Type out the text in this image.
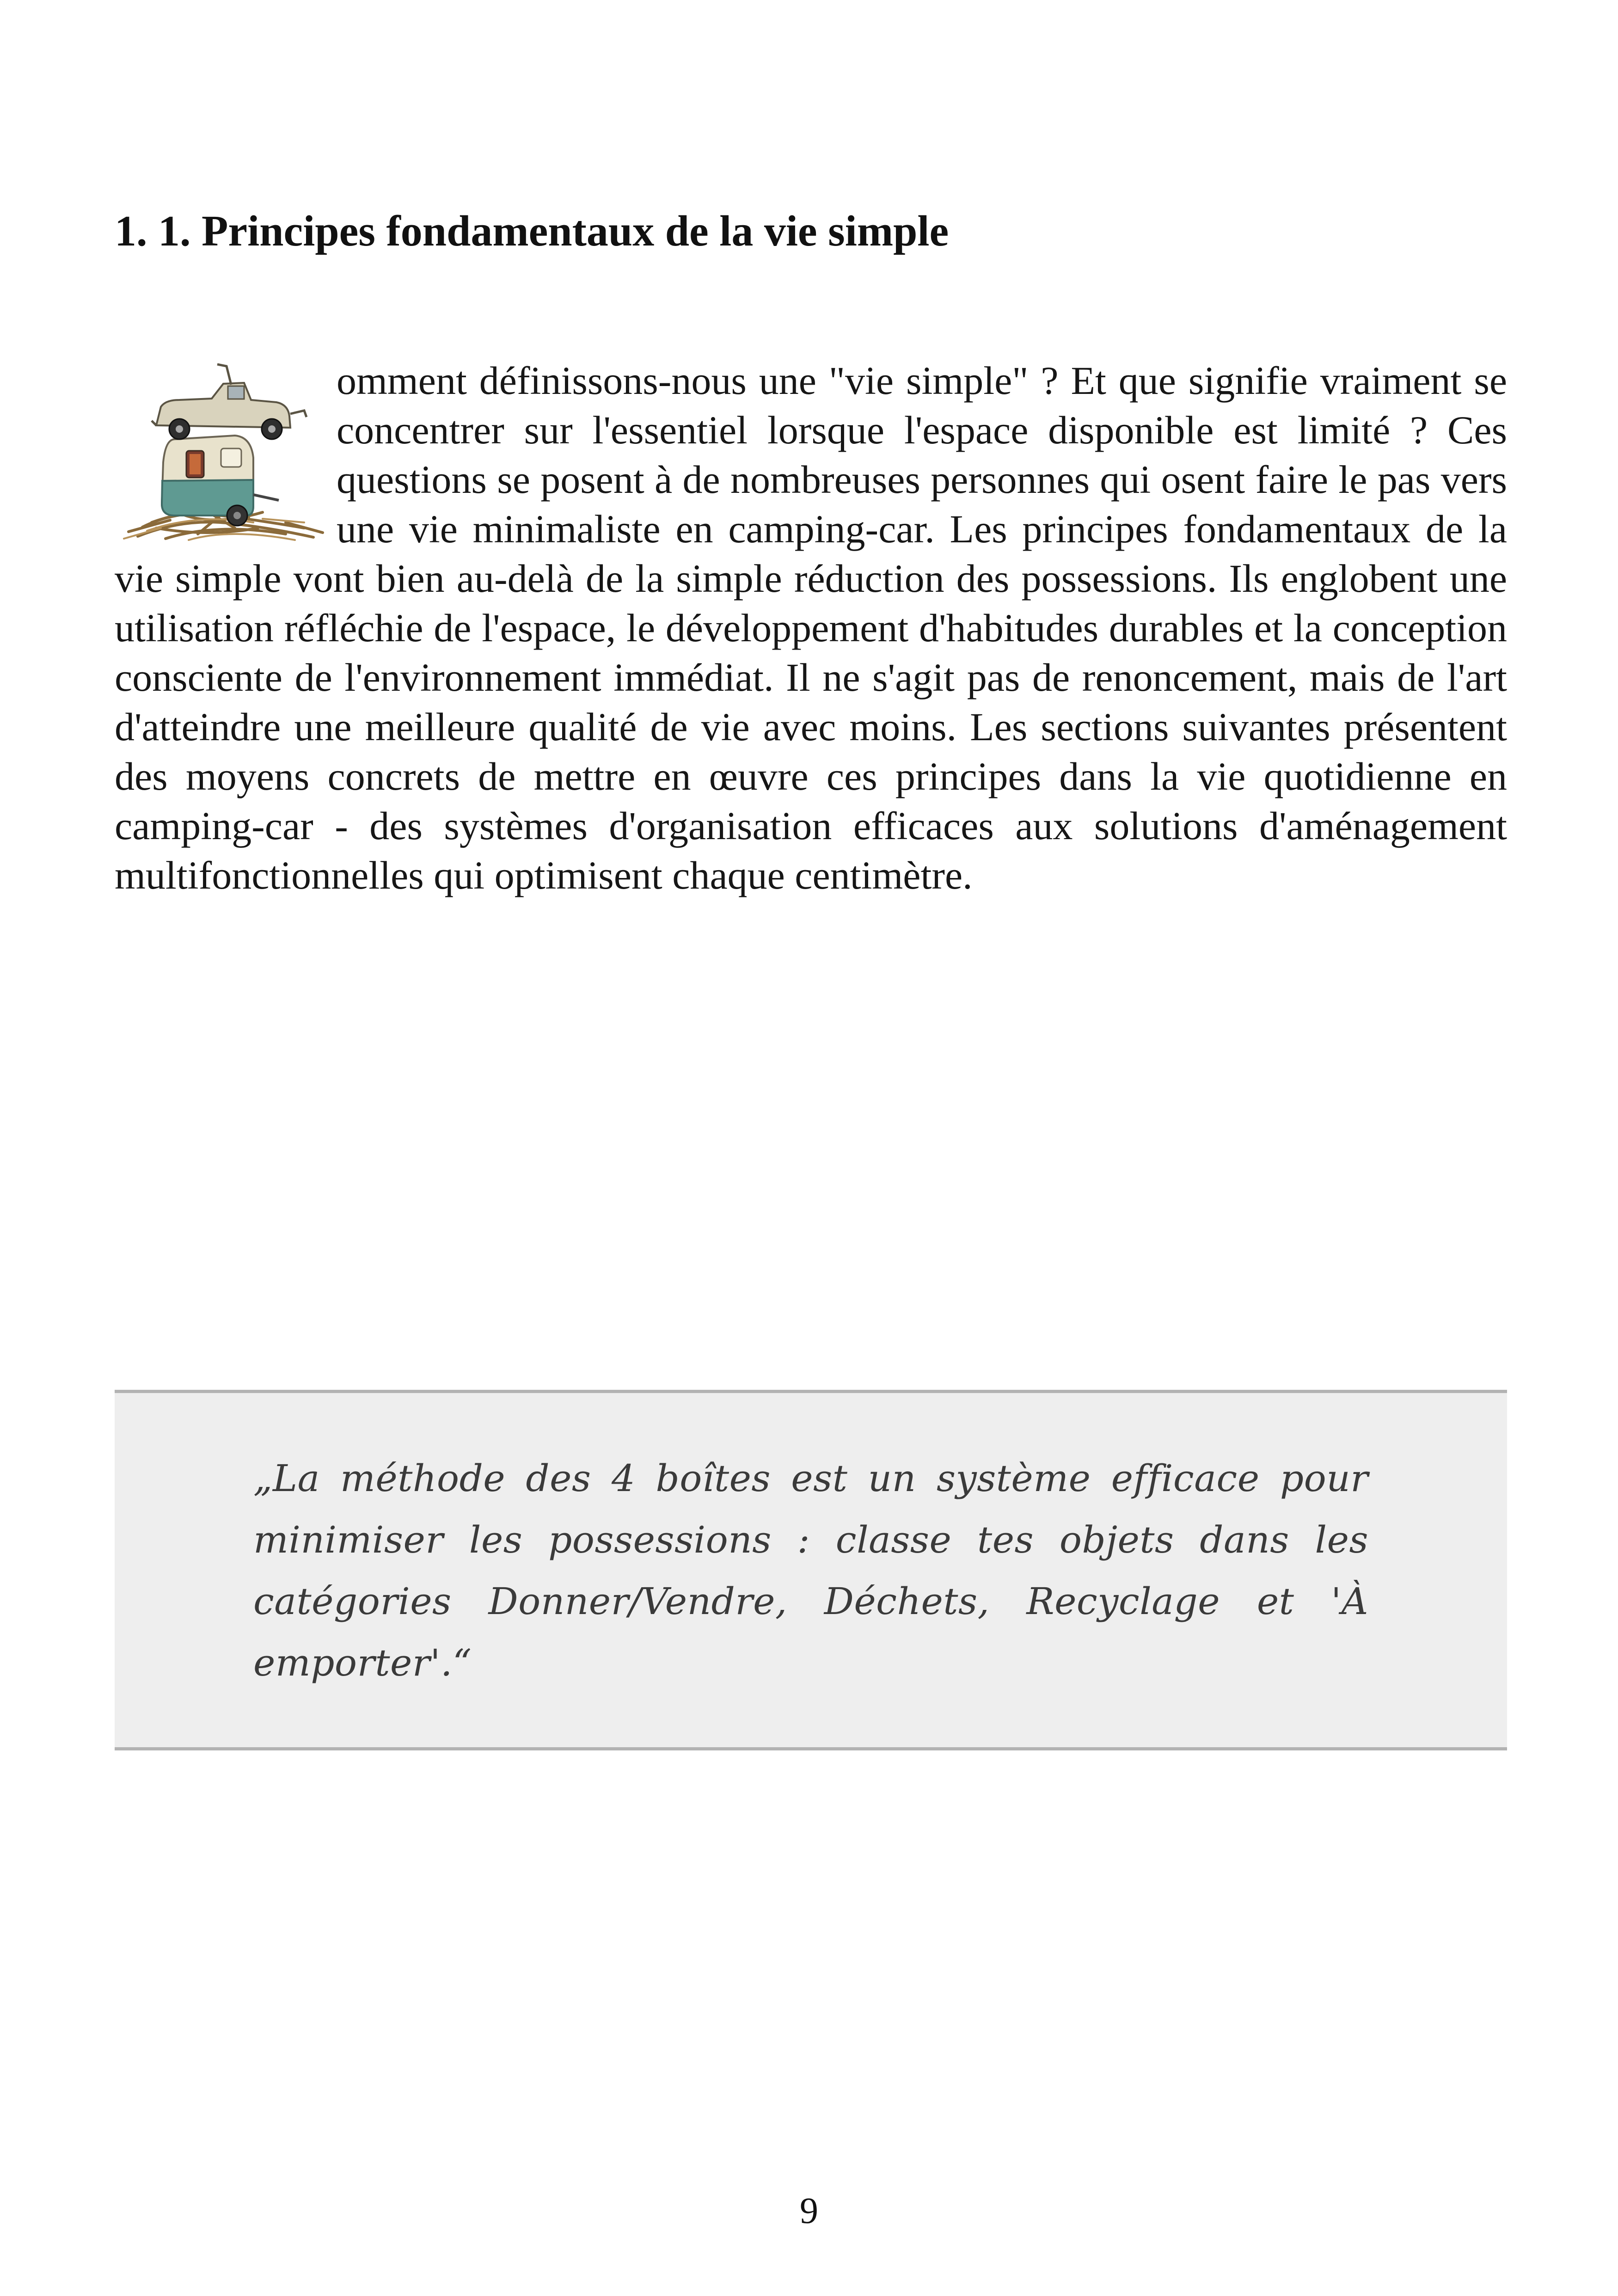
1. 1. Principes fondamentaux de la vie simple
omment définissons-nous une "vie simple" ? Et que signifie vraiment se concentrer sur l'essentiel lorsque l'espace disponible est limité ? Ces questions se posent à de nombreuses personnes qui osent faire le pas vers une vie minimaliste en camping-car. Les principes fondamentaux de la vie simple vont bien au-delà de la simple réduction des possessions. Ils englobent une utilisation réfléchie de l'espace, le développement d'habitudes durables et la conception consciente de l'environnement immédiat. Il ne s'agit pas de renoncement, mais de l'art d'atteindre une meilleure qualité de vie avec moins. Les sections suivantes présentent des moyens concrets de mettre en œuvre ces principes dans la vie quotidienne en camping-car - des systèmes d'organisation efficaces aux solutions d'aménagement multifonctionnelles qui optimisent chaque centimètre.

„La méthode des 4 boîtes est un système efficace pour minimiser les possessions : classe tes objets dans les catégories Donner/Vendre, Déchets, Recyclage et 'À emporter'.“

9
